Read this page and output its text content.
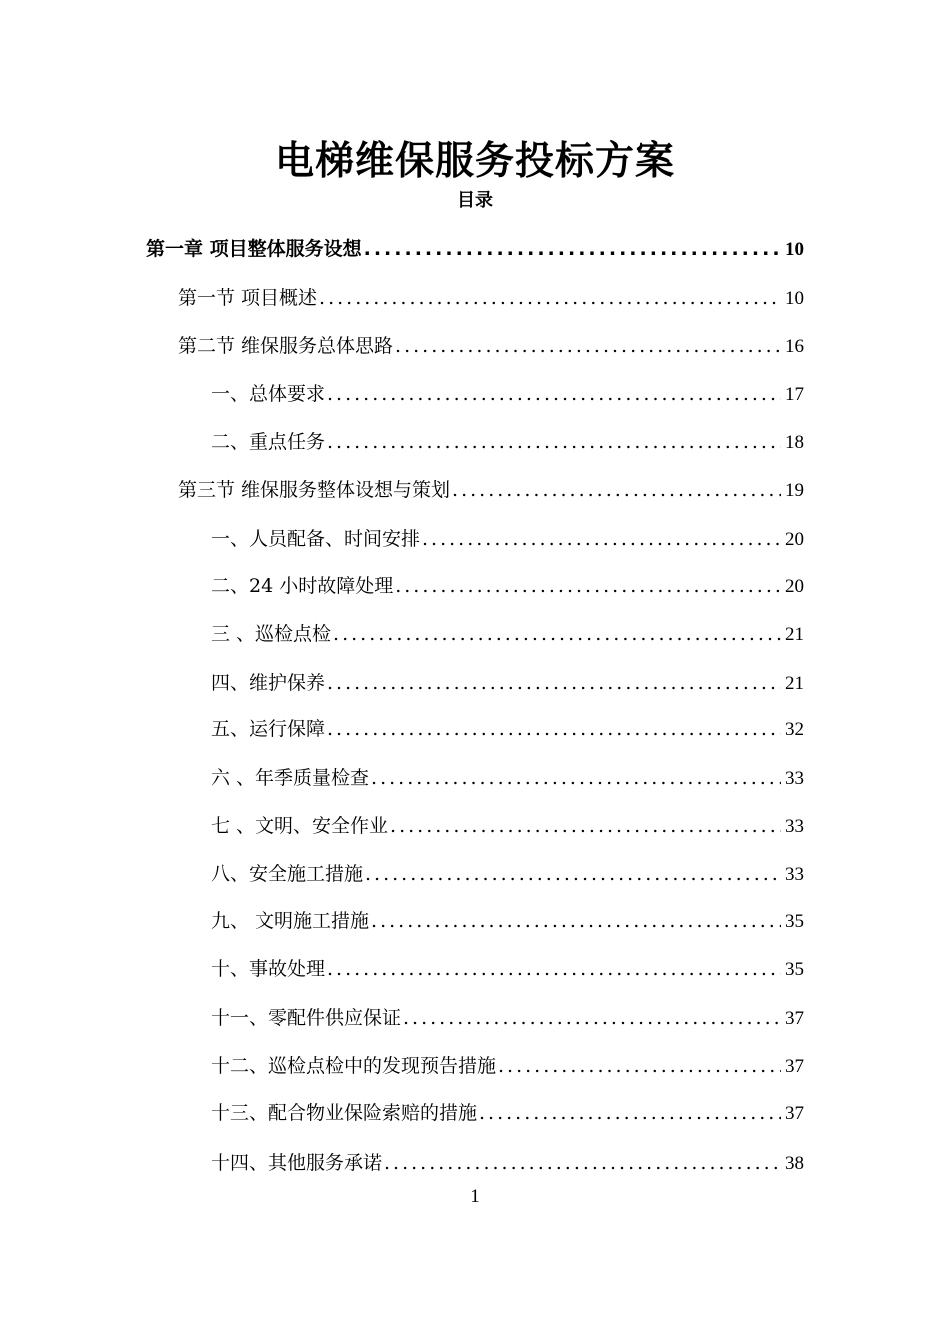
电梯维保服务投标方案
目录
第一章 项目整体服务设想 .....	10
第一节 项目概述 .....	10
第二节 维保服务总体思路 .....	16
一、总体要求 .....	17
二、重点任务 .....	18
第三节 维保服务整体设想与策划 .....	19
一、人员配备、时间安排 .....	20
二、24 小时故障处理 .....	20
三 、巡检点检 .....	21
四、维护保养 .....	21
五、运行保障 .....	32
六 、年季质量检查 .....	33
七 、文明、安全作业 .....	33
八、安全施工措施 .....	33
九、 文明施工措施 .....	35
十、事故处理 .....	35
十一、零配件供应保证 .....	37
十二、巡检点检中的发现预告措施 .....	37
十三、配合物业保险索赔的措施 .....	37
十四、其他服务承诺 .....	38
1
